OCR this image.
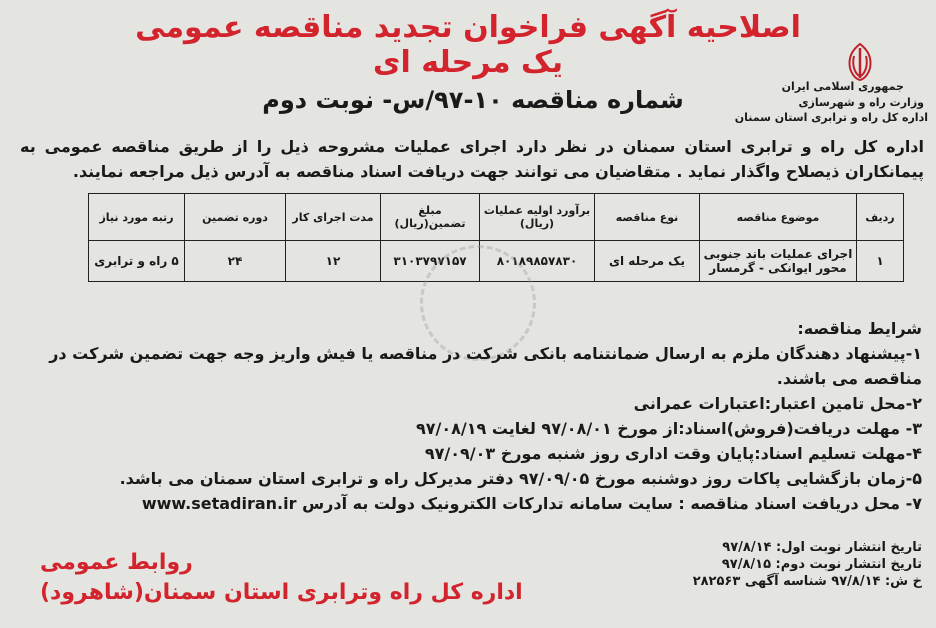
اصلاحیه آگهی فراخوان تجدید مناقصه عمومی یک مرحله ای
جمهوری اسلامی ایران
وزارت راه و شهرسازی
اداره کل راه و ترابری استان سمنان
شماره مناقصه ۱۰-۹۷/س- نوبت دوم
اداره کل راه و ترابری استان سمنان در نظر دارد اجرای عملیات مشروحه ذیل را از طریق مناقصه عمومی به پیمانکاران ذیصلاح واگذار نماید . متقاضیان می توانند جهت دریافت اسناد مناقصه به آدرس ذیل مراجعه نمایند.
ردیف	موضوع مناقصه	نوع مناقصه	برآورد اولیه عملیات (ریال)	مبلغ تضمین(ریال)	مدت اجرای کار	دوره تضمین	رتبه مورد نیاز
۱	اجرای عملیات باند جنوبی محور ایوانکی - گرمسار	یک مرحله ای	۸۰۱۸۹۸۵۷۸۳۰	۳۱۰۳۷۹۷۱۵۷	۱۲	۲۴	۵ راه و ترابری

شرایط مناقصه:

۱-پیشنهاد دهندگان ملزم به ارسال ضمانتنامه بانکی شرکت در مناقصه یا فیش واریز وجه جهت تضمین شرکت در مناقصه می باشند.

۲-محل تامین اعتبار:اعتبارات عمرانی

۳- مهلت دریافت(فروش)اسناد:از مورخ ۹۷/۰۸/۰۱ لغایت ۹۷/۰۸/۱۹

۴-مهلت تسلیم اسناد:پایان وقت اداری روز شنبه مورخ ۹۷/۰۹/۰۳

۵-زمان بازگشایی پاکات روز دوشنبه مورخ ۹۷/۰۹/۰۵ دفتر مدیرکل راه و ترابری استان سمنان می باشد.

۷- محل دریافت اسناد مناقصه : سایت سامانه تدارکات الکترونیک دولت به آدرس www.setadiran.ir

تاریخ انتشار نوبت اول: ۹۷/۸/۱۴

تاریخ انتشار نوبت دوم: ۹۷/۸/۱۵

خ ش: ۹۷/۸/۱۴ شناسه آگهی ۲۸۲۵۶۳

روابط عمومی
اداره کل راه وترابری استان سمنان(شاهرود)
